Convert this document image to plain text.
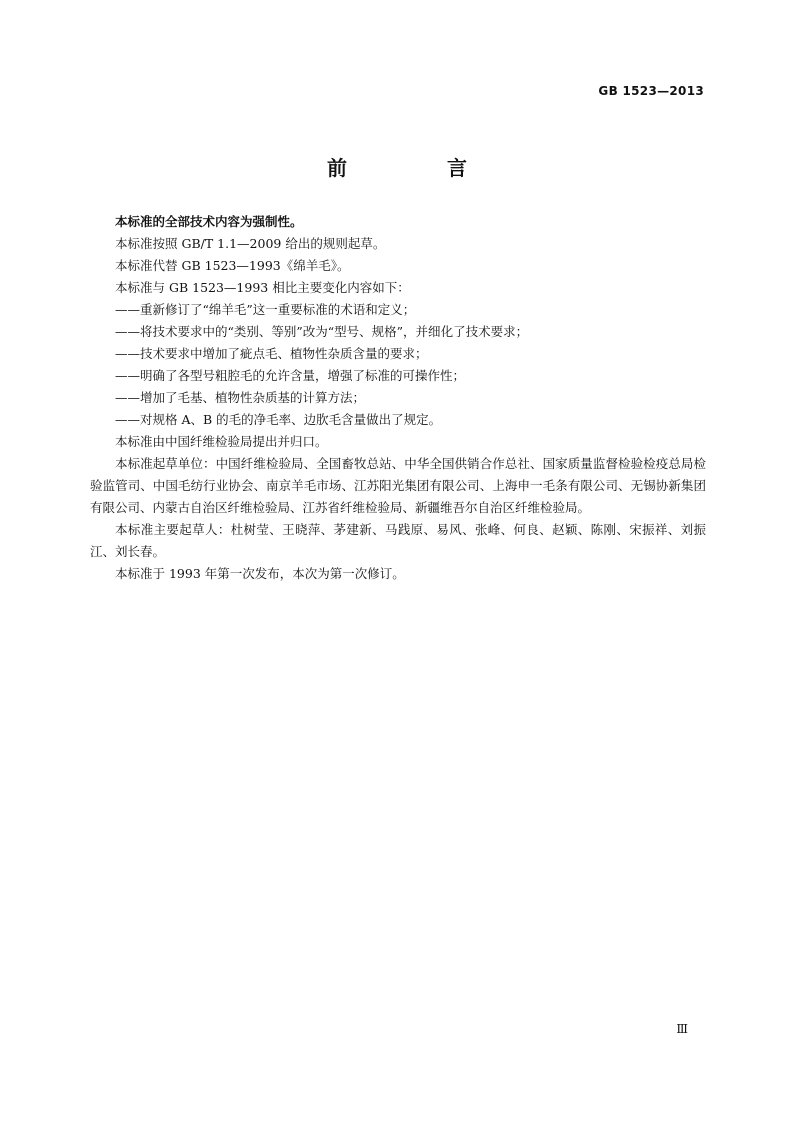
GB 1523—2013
前　言

本标准的全部技术内容为强制性。

本标准按照 GB/T 1.1—2009 给出的规则起草。

本标准代替 GB 1523—1993《绵羊毛》。

本标准与 GB 1523—1993 相比主要变化内容如下：

——重新修订了“绵羊毛”这一重要标准的术语和定义；

——将技术要求中的“类别、等别”改为“型号、规格”，并细化了技术要求；

——技术要求中增加了疵点毛、植物性杂质含量的要求；

——明确了各型号粗腔毛的允许含量，增强了标准的可操作性；

——增加了毛基、植物性杂质基的计算方法；

——对规格 A、B 的毛的净毛率、边肷毛含量做出了规定。

本标准由中国纤维检验局提出并归口。

本标准起草单位：中国纤维检验局、全国畜牧总站、中华全国供销合作总社、国家质量监督检验检疫总局检验监管司、中国毛纺行业协会、南京羊毛市场、江苏阳光集团有限公司、上海申一毛条有限公司、无锡协新集团有限公司、内蒙古自治区纤维检验局、江苏省纤维检验局、新疆维吾尔自治区纤维检验局。

本标准主要起草人：杜树莹、王晓萍、茅建新、马践原、易风、张峰、何良、赵颖、陈刚、宋振祥、刘振江、刘长春。

本标准于 1993 年第一次发布，本次为第一次修订。

Ⅲ
